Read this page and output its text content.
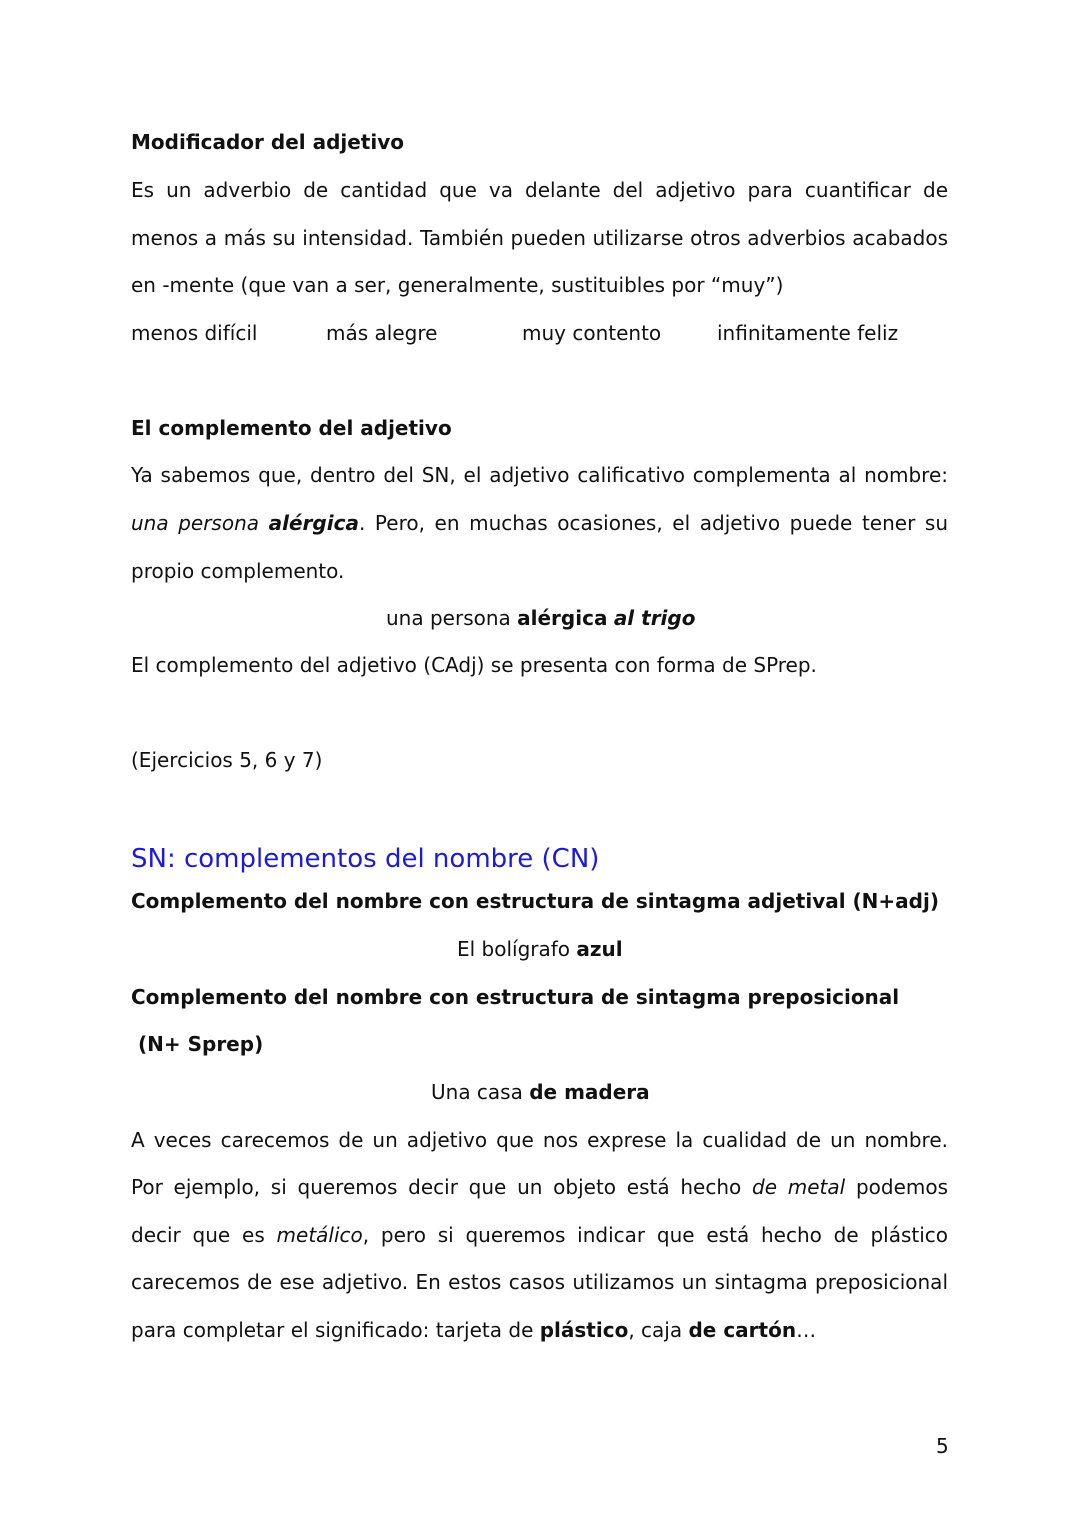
Modificador del adjetivo
Es un adverbio de cantidad que va delante del adjetivo para cuantificar de
menos a más su intensidad. También pueden utilizarse otros adverbios acabados
en -mente (que van a ser, generalmente, sustituibles por “muy”)
menos difícil	más alegre	muy contento	infinitamente feliz
El complemento del adjetivo
Ya sabemos que, dentro del SN, el adjetivo calificativo complementa al nombre:
una persona alérgica. Pero, en muchas ocasiones, el adjetivo puede tener su
propio complemento.
una persona alérgica al trigo
El complemento del adjetivo (CAdj) se presenta con forma de SPrep.
(Ejercicios 5, 6 y 7)
SN: complementos del nombre (CN)
Complemento del nombre con estructura de sintagma adjetival (N+adj)
El bolígrafo azul
Complemento del nombre con estructura de sintagma preposicional
(N+ Sprep)
Una casa de madera
A veces carecemos de un adjetivo que nos exprese la cualidad de un nombre.
Por ejemplo, si queremos decir que un objeto está hecho de metal podemos
decir que es metálico, pero si queremos indicar que está hecho de plástico
carecemos de ese adjetivo. En estos casos utilizamos un sintagma preposicional
para completar el significado: tarjeta de plástico, caja de cartón…
5
